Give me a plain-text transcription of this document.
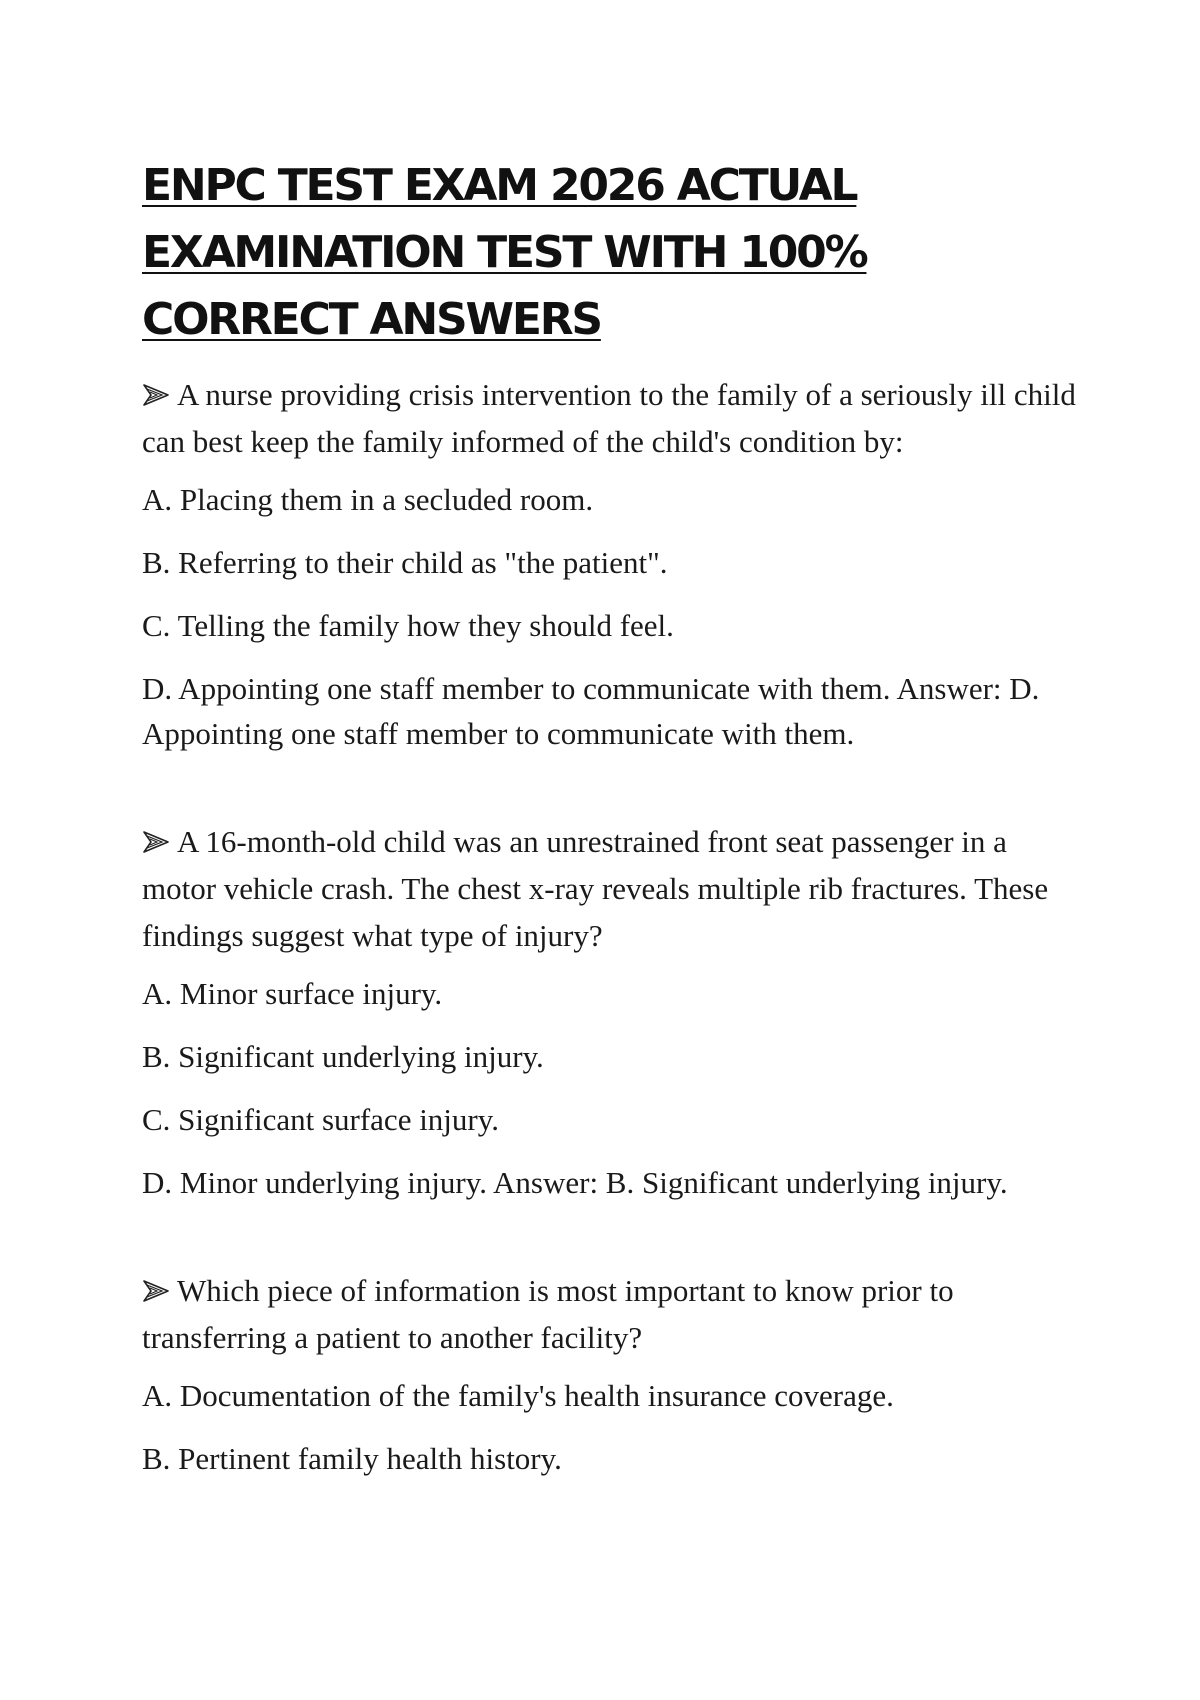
ENPC TEST EXAM 2026 ACTUAL EXAMINATION TEST WITH 100% CORRECT ANSWERS

A nurse providing crisis intervention to the family of a seriously ill child can best keep the family informed of the child's condition by:

A. Placing them in a secluded room.

B. Referring to their child as "the patient".

C. Telling the family how they should feel.

D. Appointing one staff member to communicate with them. Answer: D. Appointing one staff member to communicate with them.

A 16-month-old child was an unrestrained front seat passenger in a motor vehicle crash. The chest x-ray reveals multiple rib fractures. These findings suggest what type of injury?

A. Minor surface injury.

B. Significant underlying injury.

C. Significant surface injury.

D. Minor underlying injury. Answer: B. Significant underlying injury.

Which piece of information is most important to know prior to transferring a patient to another facility?

A. Documentation of the family's health insurance coverage.

B. Pertinent family health history.
